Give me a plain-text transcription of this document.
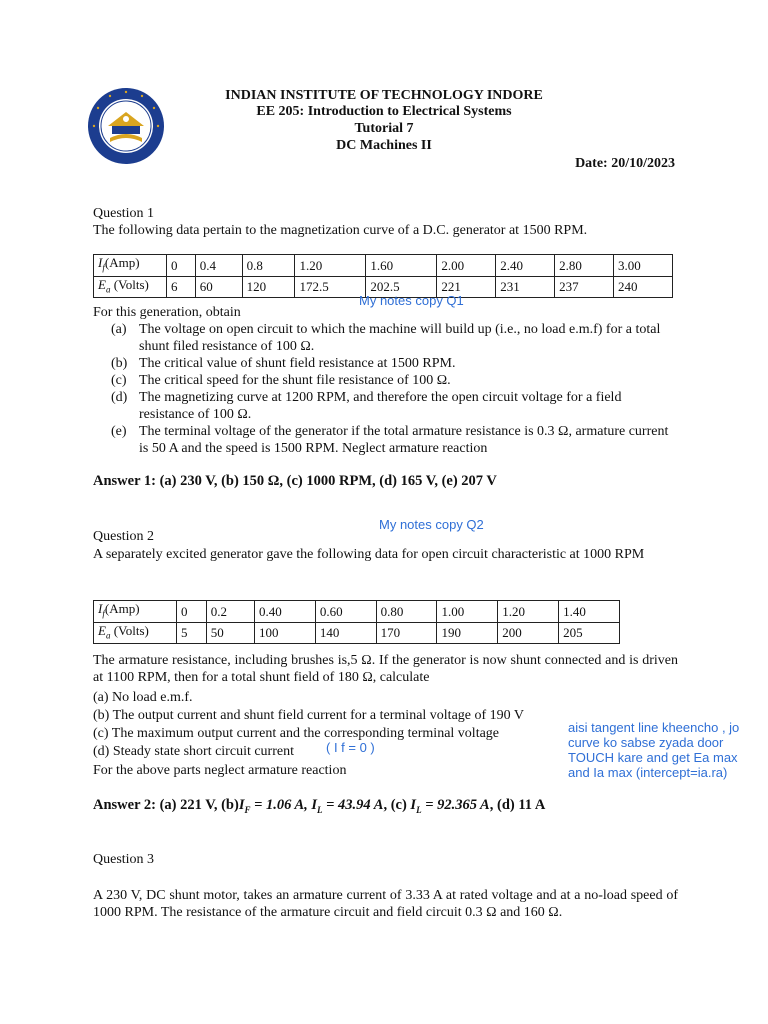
INDIAN INSTITUTE OF TECHNOLOGY INDORE
EE 205: Introduction to Electrical Systems
Tutorial 7
DC Machines II
Date: 20/10/2023
Question 1
The following data pertain to the magnetization curve of a D.C. generator at 1500 RPM.
$I_f(Amp)$	0	0.4	0.8	1.20	1.60	2.00	2.40	2.80	3.00
$E_a$ (Volts)	6	60	120	172.5	202.5	221	231	237	240
My notes copy Q1
For this generation, obtain
(a) The voltage on open circuit to which the machine will build up (i.e., no load e.m.f) for a total shunt filed resistance of 100 Ω.
(b) The critical value of shunt field resistance at 1500 RPM.
(c) The critical speed for the shunt file resistance of 100 Ω.
(d) The magnetizing curve at 1200 RPM, and therefore the open circuit voltage for a field resistance of 100 Ω.
(e) The terminal voltage of the generator if the total armature resistance is 0.3 Ω, armature current is 50 A and the speed is 1500 RPM. Neglect armature reaction
Answer 1: (a) 230 V, (b) 150 Ω, (c) 1000 RPM, (d) 165 V, (e) 207 V
My notes copy Q2
Question 2
A separately excited generator gave the following data for open circuit characteristic at 1000 RPM
$I_f(Amp)$	0	0.2	0.40	0.60	0.80	1.00	1.20	1.40
$E_a$ (Volts)	5	50	100	140	170	190	200	205
The armature resistance, including brushes is,5 Ω. If the generator is now shunt connected and is driven at 1100 RPM, then for a total shunt field of 180 Ω, calculate
(a) No load e.m.f.
(b) The output current and shunt field current for a terminal voltage of 190 V
(c) The maximum output current and the corresponding terminal voltage
(d) Steady state short circuit current ( I f = 0 )
For the above parts neglect armature reaction
aisi tangent line kheencho , jo
curve ko sabse zyada door
TOUCH kare and get Ea max
and Ia max (intercept=ia.ra)
Answer 2: (a) 221 V, $(b)I_F = 1.06$ A, $I_L = 43.94$ A, (c) $I_L = 92.365$ A, (d) 11 A
Question 3
A 230 V, DC shunt motor, takes an armature current of 3.33 A at rated voltage and at a no-load speed of 1000 RPM. The resistance of the armature circuit and field circuit 0.3 Ω and 160 Ω.
